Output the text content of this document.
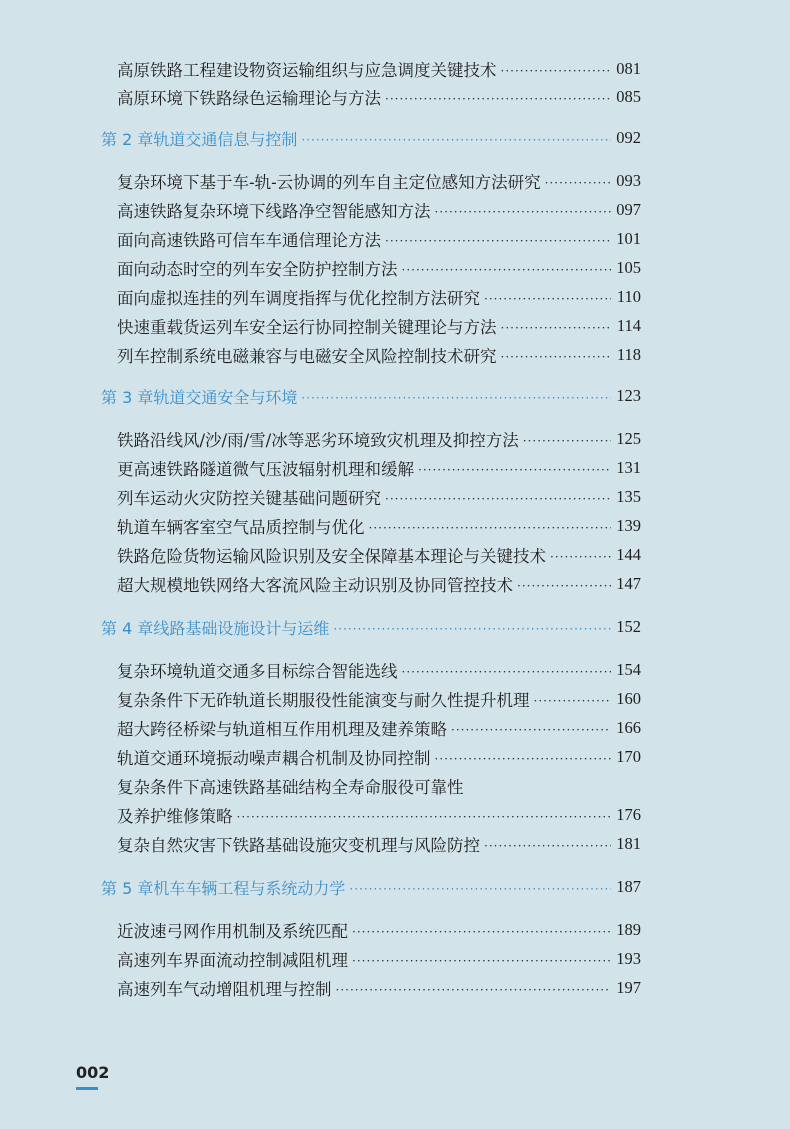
高原铁路工程建设物资运输组织与应急调度关键技术 ·····	081
高原环境下铁路绿色运输理论与方法 ·····	085
第 2 章 轨道交通信息与控制 ·····	092
复杂环境下基于车-轨-云协调的列车自主定位感知方法研究 ·····	093
高速铁路复杂环境下线路净空智能感知方法 ·····	097
面向高速铁路可信车车通信理论方法 ·····	101
面向动态时空的列车安全防护控制方法 ·····	105
面向虚拟连挂的列车调度指挥与优化控制方法研究 ·····	110
快速重载货运列车安全运行协同控制关键理论与方法 ·····	114
列车控制系统电磁兼容与电磁安全风险控制技术研究 ·····	118
第 3 章 轨道交通安全与环境 ·····	123
铁路沿线风/沙/雨/雪/冰等恶劣环境致灾机理及抑控方法 ·····	125
更高速铁路隧道微气压波辐射机理和缓解 ·····	131
列车运动火灾防控关键基础问题研究 ·····	135
轨道车辆客室空气品质控制与优化 ·····	139
铁路危险货物运输风险识别及安全保障基本理论与关键技术 ·····	144
超大规模地铁网络大客流风险主动识别及协同管控技术 ·····	147
第 4 章 线路基础设施设计与运维 ·····	152
复杂环境轨道交通多目标综合智能选线 ·····	154
复杂条件下无砟轨道长期服役性能演变与耐久性提升机理 ·····	160
超大跨径桥梁与轨道相互作用机理及建养策略 ·····	166
轨道交通环境振动噪声耦合机制及协同控制 ·····	170
复杂条件下高速铁路基础结构全寿命服役可靠性
及养护维修策略 ·····	176
复杂自然灾害下铁路基础设施灾变机理与风险防控 ·····	181
第 5 章 机车车辆工程与系统动力学 ·····	187
近波速弓网作用机制及系统匹配 ·····	189
高速列车界面流动控制减阻机理 ·····	193
高速列车气动增阻机理与控制 ·····	197
002
